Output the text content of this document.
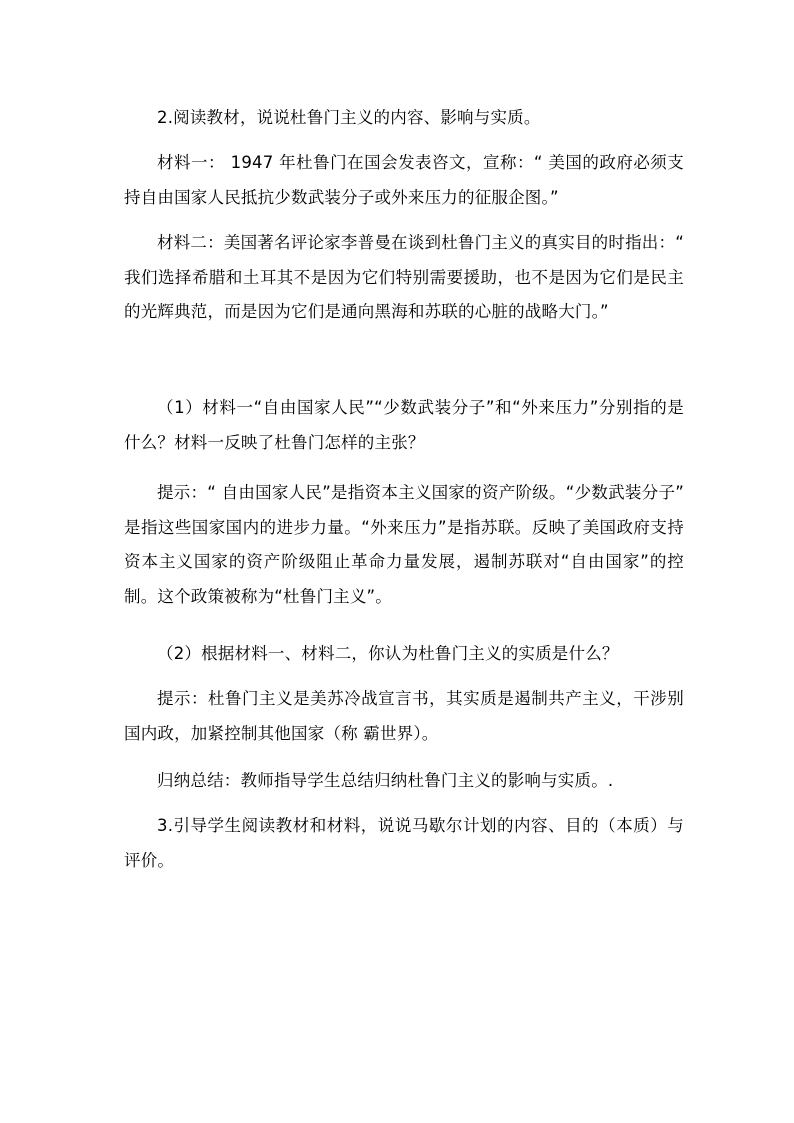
2.阅读教材，说说杜鲁门主义的内容、影响与实质。

材料一： 1947 年杜鲁门在国会发表咨文，宣称：“ 美国的政府必须支持自由国家人民抵抗少数武装分子或外来压力的征服企图。”

材料二：美国著名评论家李普曼在谈到杜鲁门主义的真实目的时指出：“ 我们选择希腊和土耳其不是因为它们特别需要援助，也不是因为它们是民主的光辉典范，而是因为它们是通向黑海和苏联的心脏的战略大门。”

（1）材料一“自由国家人民”“少数武装分子”和“外来压力”分别指的是什么？材料一反映了杜鲁门怎样的主张？

提示：“ 自由国家人民”是指资本主义国家的资产阶级。“少数武装分子” 是指这些国家国内的进步力量。“外来压力”是指苏联。反映了美国政府支持资本主义国家的资产阶级阻止革命力量发展，遏制苏联对“自由国家”的控制。这个政策被称为“杜鲁门主义”。

（2）根据材料一、材料二，你认为杜鲁门主义的实质是什么？

提示：杜鲁门主义是美苏冷战宣言书，其实质是遏制共产主义，干涉别国内政，加紧控制其他国家（称 霸世界）。

归纳总结：教师指导学生总结归纳杜鲁门主义的影响与实质。.

3.引导学生阅读教材和材料，说说马歇尔计划的内容、目的（本质）与评价。
